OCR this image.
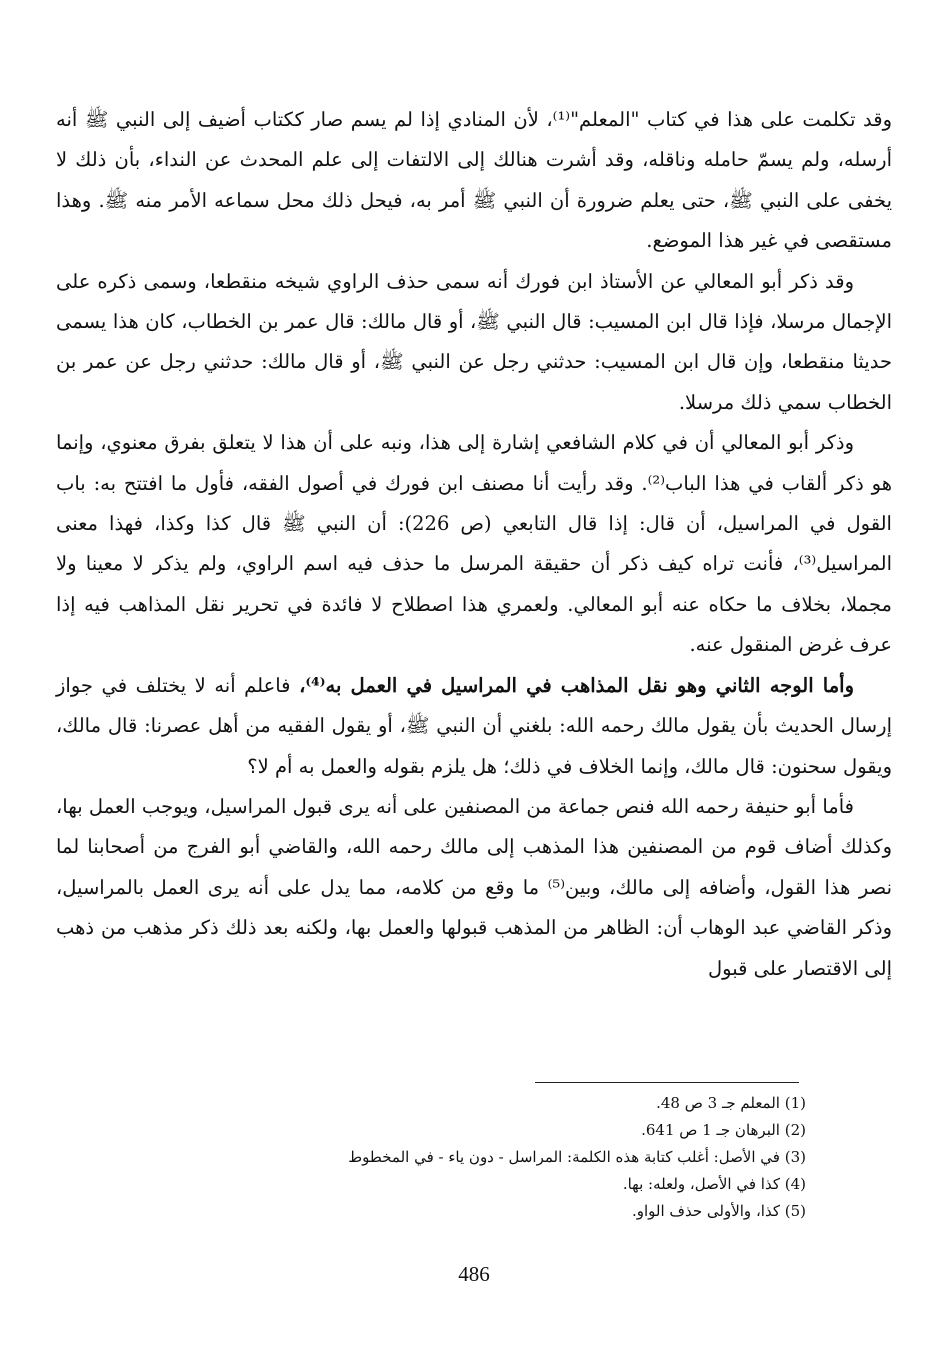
وقد تكلمت على هذا في كتاب "المعلم"⁽¹⁾، لأن المنادي إذا لم يسم صار ككتاب أضيف إلى النبي ﷺ أنه أرسله، ولم يسمّ حامله وناقله، وقد أشرت هنالك إلى الالتفات إلى علم المحدث عن النداء، بأن ذلك لا يخفى على النبي ﷺ، حتى يعلم ضرورة أن النبي ﷺ أمر به، فيحل ذلك محل سماعه الأمر منه ﷺ. وهذا مستقصى في غير هذا الموضع.

وقد ذكر أبو المعالي عن الأستاذ ابن فورك أنه سمى حذف الراوي شيخه منقطعا، وسمى ذكره على الإجمال مرسلا، فإذا قال ابن المسيب: قال النبي ﷺ، أو قال مالك: قال عمر بن الخطاب، كان هذا يسمى حديثا منقطعا، وإن قال ابن المسيب: حدثني رجل عن النبي ﷺ، أو قال مالك: حدثني رجل عن عمر بن الخطاب سمي ذلك مرسلا.

وذكر أبو المعالي أن في كلام الشافعي إشارة إلى هذا، ونبه على أن هذا لا يتعلق بفرق معنوي، وإنما هو ذكر ألقاب في هذا الباب⁽²⁾. وقد رأيت أنا مصنف ابن فورك في أصول الفقه، فأول ما افتتح به: باب القول في المراسيل، أن قال: إذا قال التابعي (ص 226): أن النبي ﷺ قال كذا وكذا، فهذا معنى المراسيل⁽³⁾، فأنت تراه كيف ذكر أن حقيقة المرسل ما حذف فيه اسم الراوي، ولم يذكر لا معينا ولا مجملا، بخلاف ما حكاه عنه أبو المعالي. ولعمري هذا اصطلاح لا فائدة في تحرير نقل المذاهب فيه إذا عرف غرض المنقول عنه.

وأما الوجه الثاني وهو نقل المذاهب في المراسيل في العمل به⁽⁴⁾، فاعلم أنه لا يختلف في جواز إرسال الحديث بأن يقول مالك رحمه الله: بلغني أن النبي ﷺ، أو يقول الفقيه من أهل عصرنا: قال مالك، ويقول سحنون: قال مالك، وإنما الخلاف في ذلك؛ هل يلزم بقوله والعمل به أم لا؟

فأما أبو حنيفة رحمه الله فنص جماعة من المصنفين على أنه يرى قبول المراسيل، ويوجب العمل بها، وكذلك أضاف قوم من المصنفين هذا المذهب إلى مالك رحمه الله، والقاضي أبو الفرج من أصحابنا لما نصر هذا القول، وأضافه إلى مالك، وبين⁽⁵⁾ ما وقع من كلامه، مما يدل على أنه يرى العمل بالمراسيل، وذكر القاضي عبد الوهاب أن: الظاهر من المذهب قبولها والعمل بها، ولكنه بعد ذلك ذكر مذهب من ذهب إلى الاقتصار على قبول

(1) المعلم جـ 3 ص 48.
(2) البرهان جـ 1 ص 641.
(3) في الأصل: أغلب كتابة هذه الكلمة: المراسل - دون ياء - في المخطوط
(4) كذا في الأصل، ولعله: بها.
(5) كذا، والأولى حذف الواو.
486
